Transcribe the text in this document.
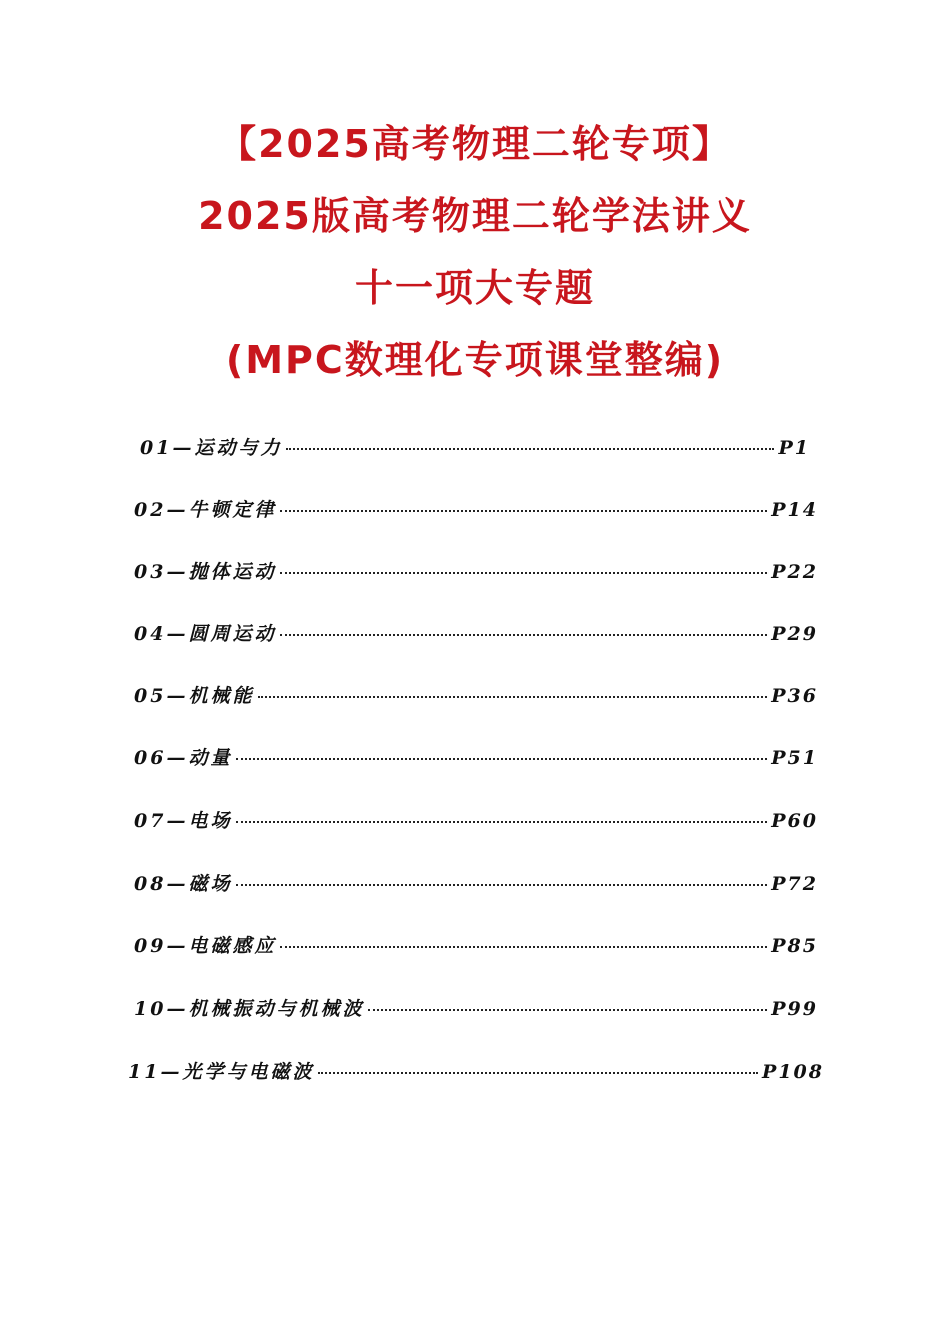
【2025高考物理二轮专项】
2025版高考物理二轮学法讲义
十一项大专题
(MPC数理化专项课堂整编)
01—运动与力	P1
02—牛顿定律	P14
03—抛体运动	P22
04—圆周运动	P29
05—机械能	P36
06—动量	P51
07—电场	P60
08—磁场	P72
09—电磁感应	P85
10—机械振动与机械波	P99
11—光学与电磁波	P108
